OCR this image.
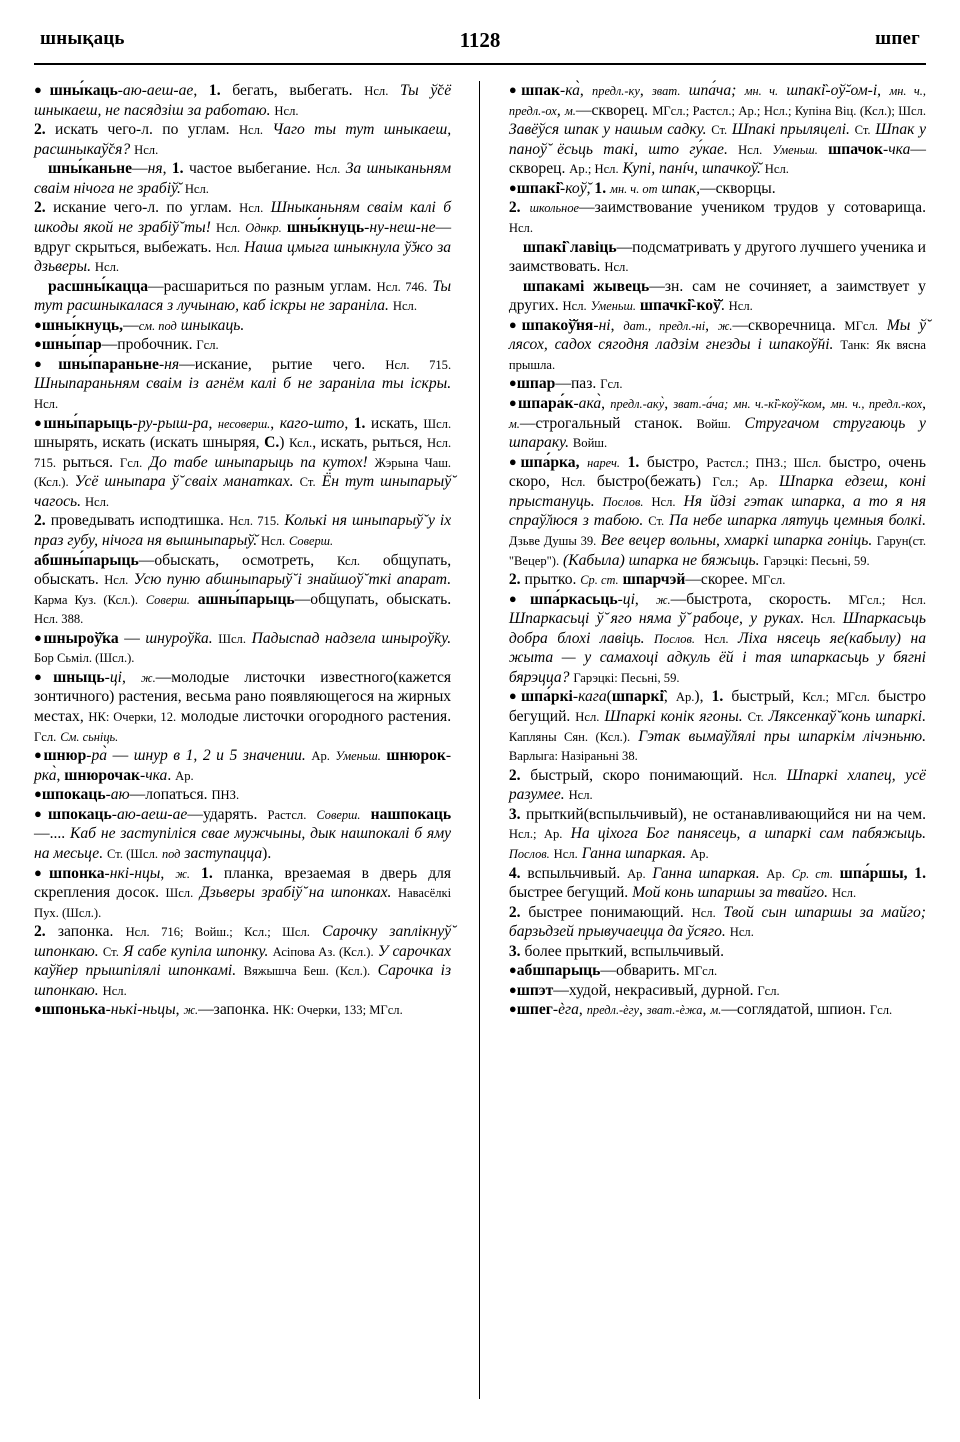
шнықаць	1128	шпег

●шны́каць-аю-аеш-ае, 1. бегать, выбегать. Нсл. Ты ў̆сё шныкаеш, не пасядзіш за работаю. Нсл.
2. искать чего-л. по углам. Нсл. Чаго ты тут шныкаеш, расшныкаў̆ся? Нсл.
шны́каньне—ня, 1. частое выбегание. Нсл. За шныканьням сваім нічога не зрабіў̆. Нсл.
2. искание чего-л. по углам. Нсл. Шныканьням сваім калі б шкоды якой не зрабіў̆ ты! Нсл. Однкр. шны́кнуць-ну-неш-не—вдруг скрыться, выбежать. Нсл. Наша цмыга шныкнула ў̆жо за дзьверы. Нсл.
расшны́кацца—расшариться по разным углам. Нсл. 746. Ты тут расшныкалася з лучынаю, каб іскры не зараніла. Нсл.

●шны́кнуць,—см. под шныкаць.

●шны́пар—пробочник. Гсл.

●шны́параньне-ня—искание, рытие чего. Нсл. 715. Шныпараньням сваім із агнём калі б не зараніла ты іскры. Нсл.

●шны́парыць-ру-рыш-ра, несоверш., каго-што, 1. искать, Шсл. шнырять, искать (искать шныряя, С.) Ксл., искать, рыться, Нсл. 715. рыться. Гсл. До табе шныпарыць па кутох! Жэрына Чаш. (Ксл.). Усё шныпара ў̆ сваіх манатках. Ст. Ён тут шныпарыў̆ чагось. Нсл.
2. проведывать исподтишка. Нсл. 715. Колькі ня шныпарыў̆ у іх праз губу, нічога ня вышныпарыў̆. Нсл. Соверш.
абшны́парыць—обыскать, осмотреть, Ксл. общупать, обыскать. Нсл. Усю пуню абшныпарыў̆ і знайшоў̆ ткі апарат. Карма Куз. (Ксл.). Соверш. ашны́парыць—общупать, обыскать. Нсл. 388.

●шныроў̆ка — шнуроў̆ка. Шсл. Падыспад надзела шныроў̆ку. Бор Сьміл. (Шсл.).

●шныць-ці, ж.—молодые листочки известного(кажется зонтичного) растения, весьма рано появляющегося на жирных местах, НК: Очерки, 12. молодые листочки огородного растения. Гсл. См. сьніць.

●шнюр-ра̀ — шнур в 1, 2 и 5 значении. Ар. Уменьш. шнюрок-рка̀, шнюрочак-чка. Ар.

●шпокаць-аю—лопаться. ПНЗ.

●шпокаць-аю-аеш-ае—ударять. Растсл. Соверш. нашпокаць—.... Каб не заступіліся свае мужчыны, дык нашпокалі б яму на месьце. Ст. (Шсл. под заступацца).

●шпонка-нкі-нцы, ж. 1. планка, врезаемая в дверь для скрепления досок. Шсл. Дзьверы зрабіў̆ на шпонках. Навасёлкі Пух. (Шсл.).
2. запонка. Нсл. 716; Войш.; Ксл.; Шсл. Сарочку заплікнуў̆ шпонкаю. Ст. Я сабе купіла шпонку. Асіпова Аз. (Ксл.). У сарочках каў̆нер прышпілялі шпонкамі. Вяжышча Беш. (Ксл.). Сарочка із шпонкаю. Нсл.

●шпонька-нькі-ньцы, ж.—запонка. НК: Очерки, 133; МГсл.

●шпак-ка̀, предл.-ку, зват. шпа́ча; мн. ч. шпакі̏-оў̆-ом-і, мн. ч., предл.-ох, м.—скворец. МГсл.; Растсл.; Ар.; Нсл.; Купіна Віц. (Ксл.); Шсл. Завёўся шпак у нашым садку. Ст. Шпакі прыляцелі. Ст. Шпак у паноў̆ ёсьць такі, што гу́кае. Нсл. Уменьш. шпачок-чка—скворец. Ар.; Нсл. Купі, панíч, шпачкоў̆. Нсл.

●шпакі̏-коў̆, 1. мн. ч. от шпак,—скворцы.
2. школьное—заимствование учеником трудов у сотоварища. Нсл.
шпакі̏ лавіць—подсматривать у другого лучшего ученика и заимствовать. Нсл.
шпакамі жывець—зн. сам не сочиняет, а заимствует у других. Нсл. Уменьш. шпачкі̏-коў̆. Нсл.

●шпакоў̆ня-ні, дат., предл.-ні, ж.—скворечница. МГсл. Мы ў̆ лясох, садох сягодня ладзім гнезды і шпакоў̆ні. Танк: Як вясна прышла.

●шпар—паз. Гсл.

●шпара́к-ака̀, предл.-аку̀, зват.-а́ча; мн. ч.-кі̏-коў̆-ком, мн. ч., предл.-кох, м.—строгальный станок. Войш. Стругачом стругаюць у шпараку. Войш.

●шпа́рка, нареч. 1. быстро, Растсл.; ПНЗ.; Шсл. быстро, очень скоро, Нсл. быстро(бежать) Гсл.; Ар. Шпарка едзеш, коні прыстануць. Послов. Нсл. Ня йдзі гэтак шпарка, а то я ня спраў̆люся з табою. Ст. Па небе шпарка лятуць цемныя болкі. Дзьве Душы 39. Вее вецер вольны, хмаркі шпарка гоніць. Гарун(ст. "Вецер"). (Кабыла) шпарка не бяжыць. Гарэцкі: Песьні, 59.
2. прытко. Ср. ст. шпарчэй—скорее. МГсл.

●шпа́ркасьць-ці, ж.—быстрота, скорость. МГсл.; Нсл. Шпаркасьці ў̆ яго няма ў̆ рабоце, у руках. Нсл. Шпаркасьць добра блохі лавіць. Послов. Нсл. Ліха нясець яе(кабылу) на жыта — у самахоці адкуль ёй і тая шпаркасьць у бягні бярэцца? Гарэцкі: Песьні, 59.

●шпа́ркі-кага(шпаркі̏, Ар.), 1. быстрый, Ксл.; МГсл. быстро бегущий. Нсл. Шпаркі конік ягоны. Ст. Ляксенкаў̆ конь шпаркі. Капляны Сян. (Ксл.). Гэтак вымаў̆лялі пры шпаркім лічэньню. Варлыга: Назіраньні 38.
2. быстрый, скоро понимающий. Нсл. Шпаркі хлапец, усё разумее. Нсл.
3. прыткий(вспыльчивый), не останавливающийся ни на чем. Нсл.; Ар. На ціхога Бог панясець, а шпаркі сам пабяжыць. Послов. Нсл. Ганна шпаркая. Ар.
4. вспыльчивый. Ар. Ганна шпаркая. Ар. Ср. ст. шпа́ршы, 1. быстрее бегущий. Мой конь шпаршы за твайго. Нсл.
2. быстрее понимающий. Нсл. Твой сын шпаршы за майго; барзьдзей прывучаецца да ўсяго. Нсл.
3. более прыткий, вспыльчивый.

●абшпарыць—обварить. МГсл.

●шпэт—худой, некрасивый, дурной. Гсл.

●шпег-ѐга, предл.-ѐгу, зват.-ѐжа, м.—соглядатой, шпион. Гсл.
